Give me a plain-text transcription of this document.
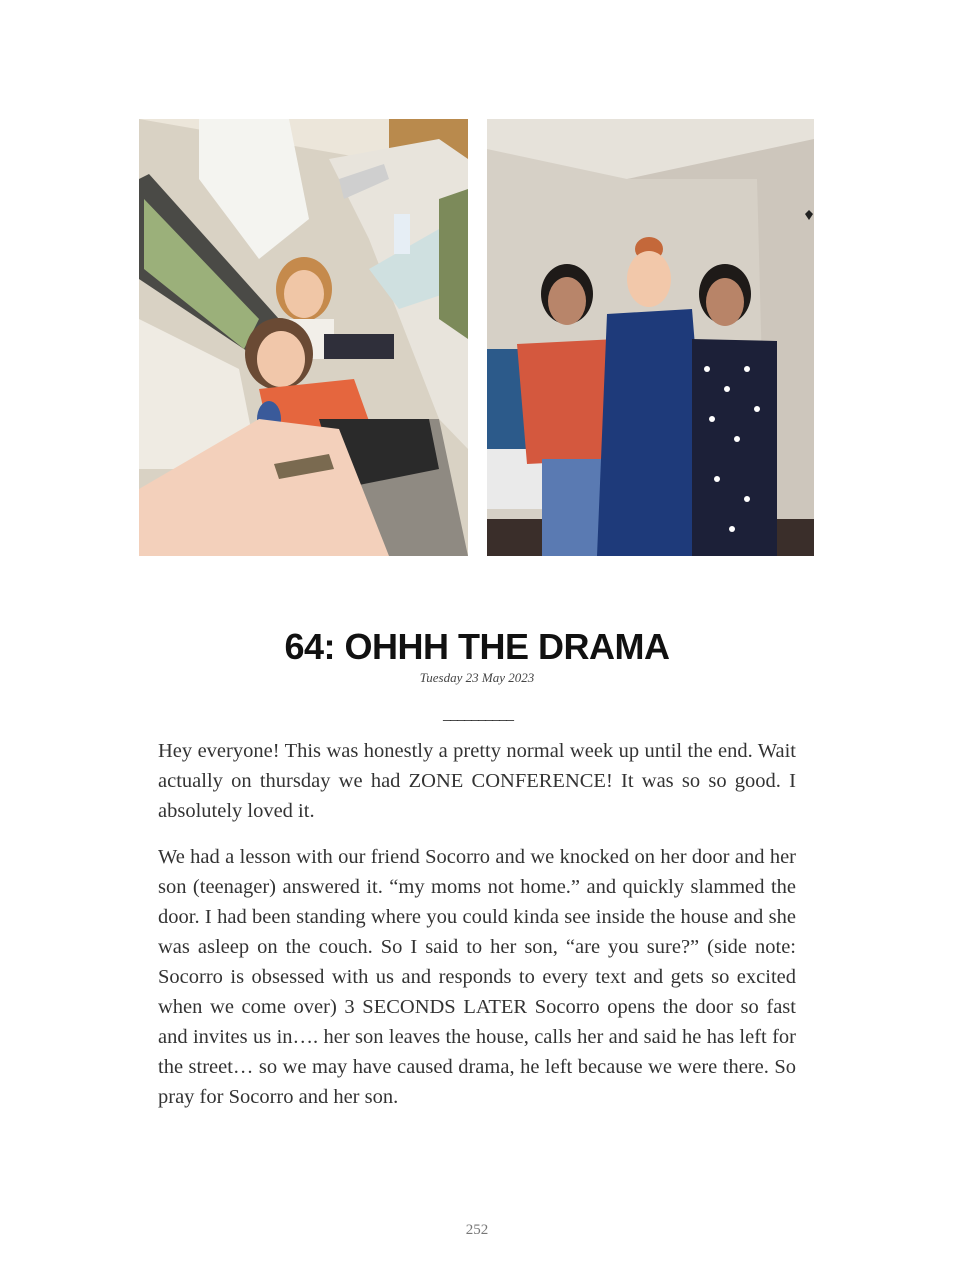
64: OHHH THE DRAMA
Tuesday 23 May 2023
__________

Hey everyone! This was honestly a pretty normal week up until the end. Wait actually on thursday we had ZONE CONFERENCE! It was so so good. I absolutely loved it.

We had a lesson with our friend Socorro and we knocked on her door and her son (teenager) answered it. “my moms not home.” and quickly slammed the door. I had been standing where you could kinda see inside the house and she was asleep on the couch. So I said to her son, “are you sure?” (side note: Socorro is obsessed with us and responds to every text and gets so excited when we come over) 3 SECONDS LATER Socorro opens the door so fast and invites us in…. her son leaves the house, calls her and said he has left for the street… so we may have caused drama, he left because we were there. So pray for Socorro and her son.

252
